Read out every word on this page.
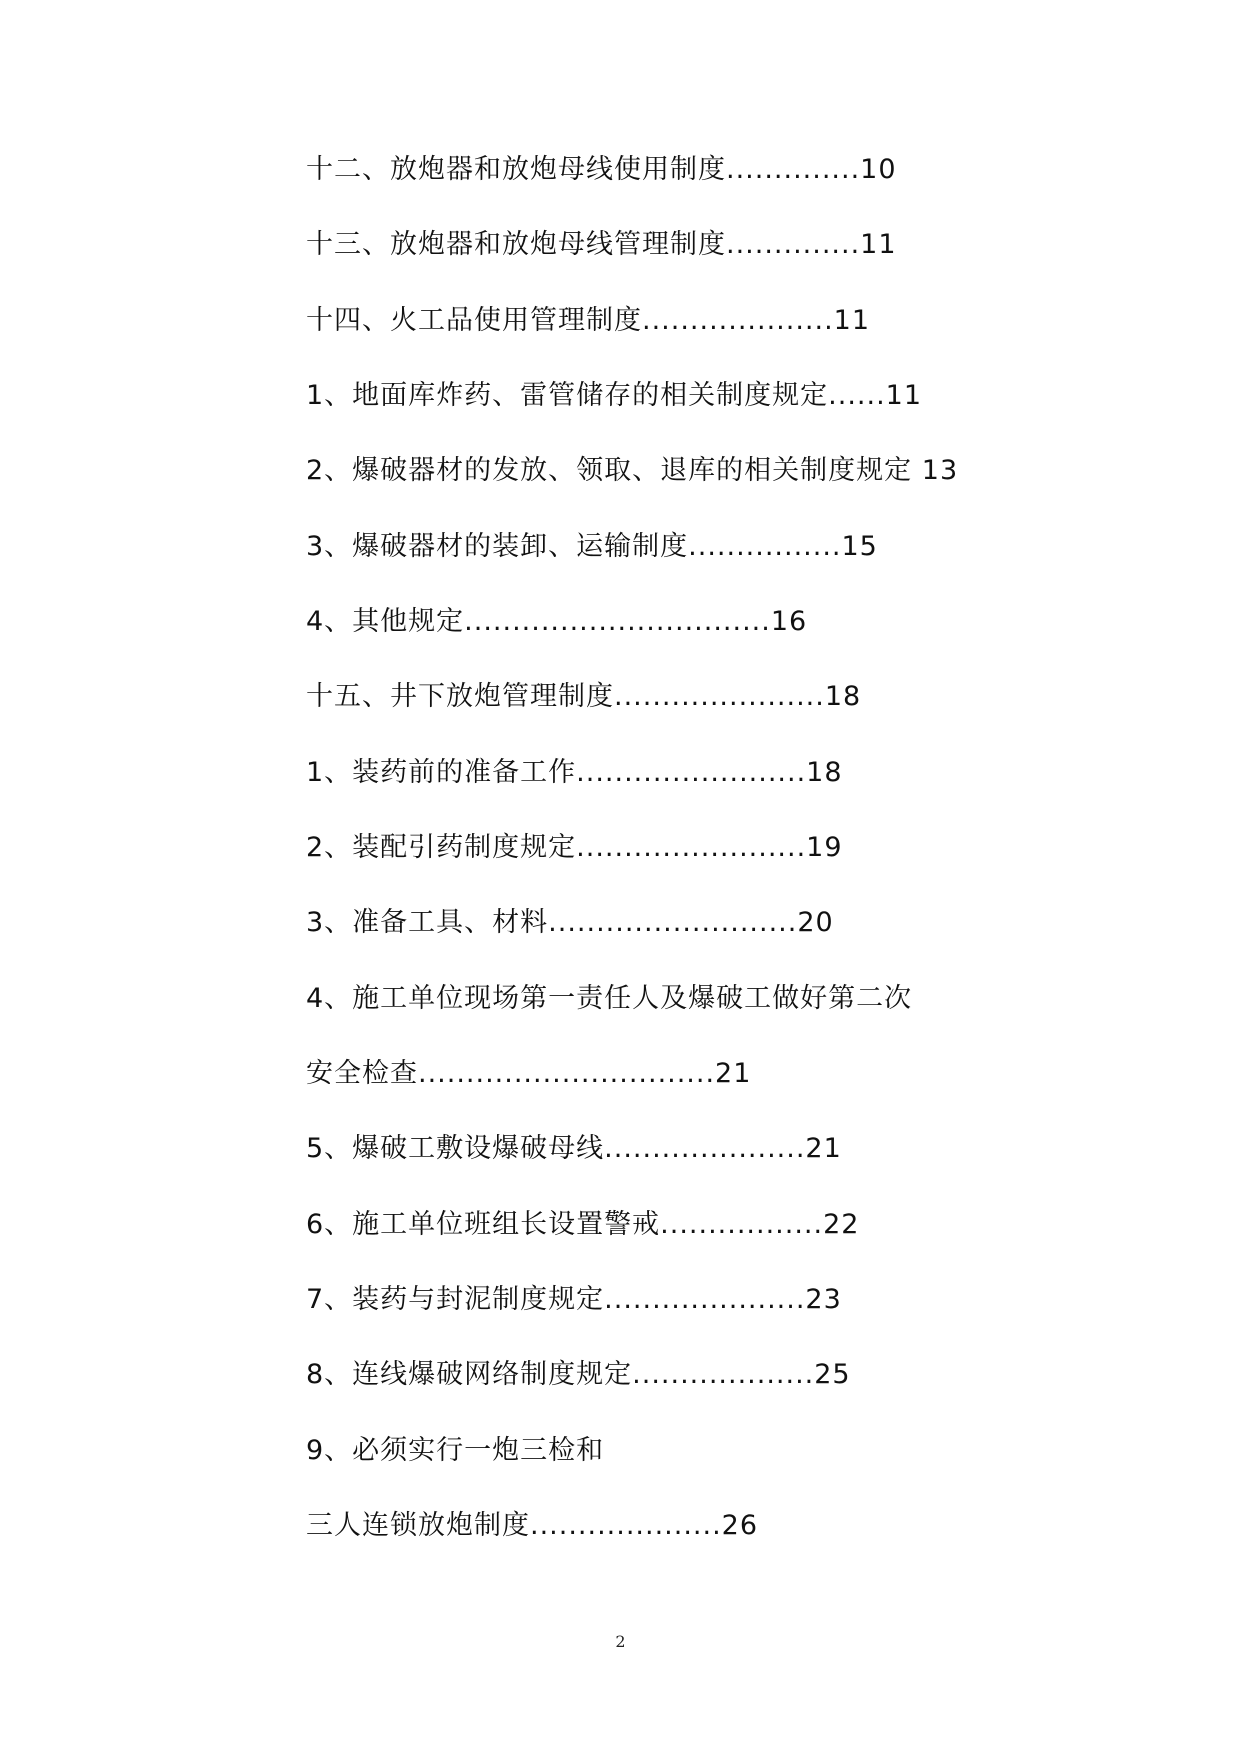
十二、放炮器和放炮母线使用制度..............10
十三、放炮器和放炮母线管理制度..............11
十四、火工品使用管理制度....................11
1、地面库炸药、雷管储存的相关制度规定......11
2、爆破器材的发放、领取、退库的相关制度规定 13
3、爆破器材的装卸、运输制度................15
4、其他规定................................16
十五、井下放炮管理制度......................18
1、装药前的准备工作........................18
2、装配引药制度规定........................19
3、准备工具、材料..........................20
4、施工单位现场第一责任人及爆破工做好第二次
安全检查...............................21
5、爆破工敷设爆破母线.....................21
6、施工单位班组长设置警戒.................22
7、装药与封泥制度规定.....................23
8、连线爆破网络制度规定...................25
9、必须实行一炮三检和
三人连锁放炮制度....................26
2
